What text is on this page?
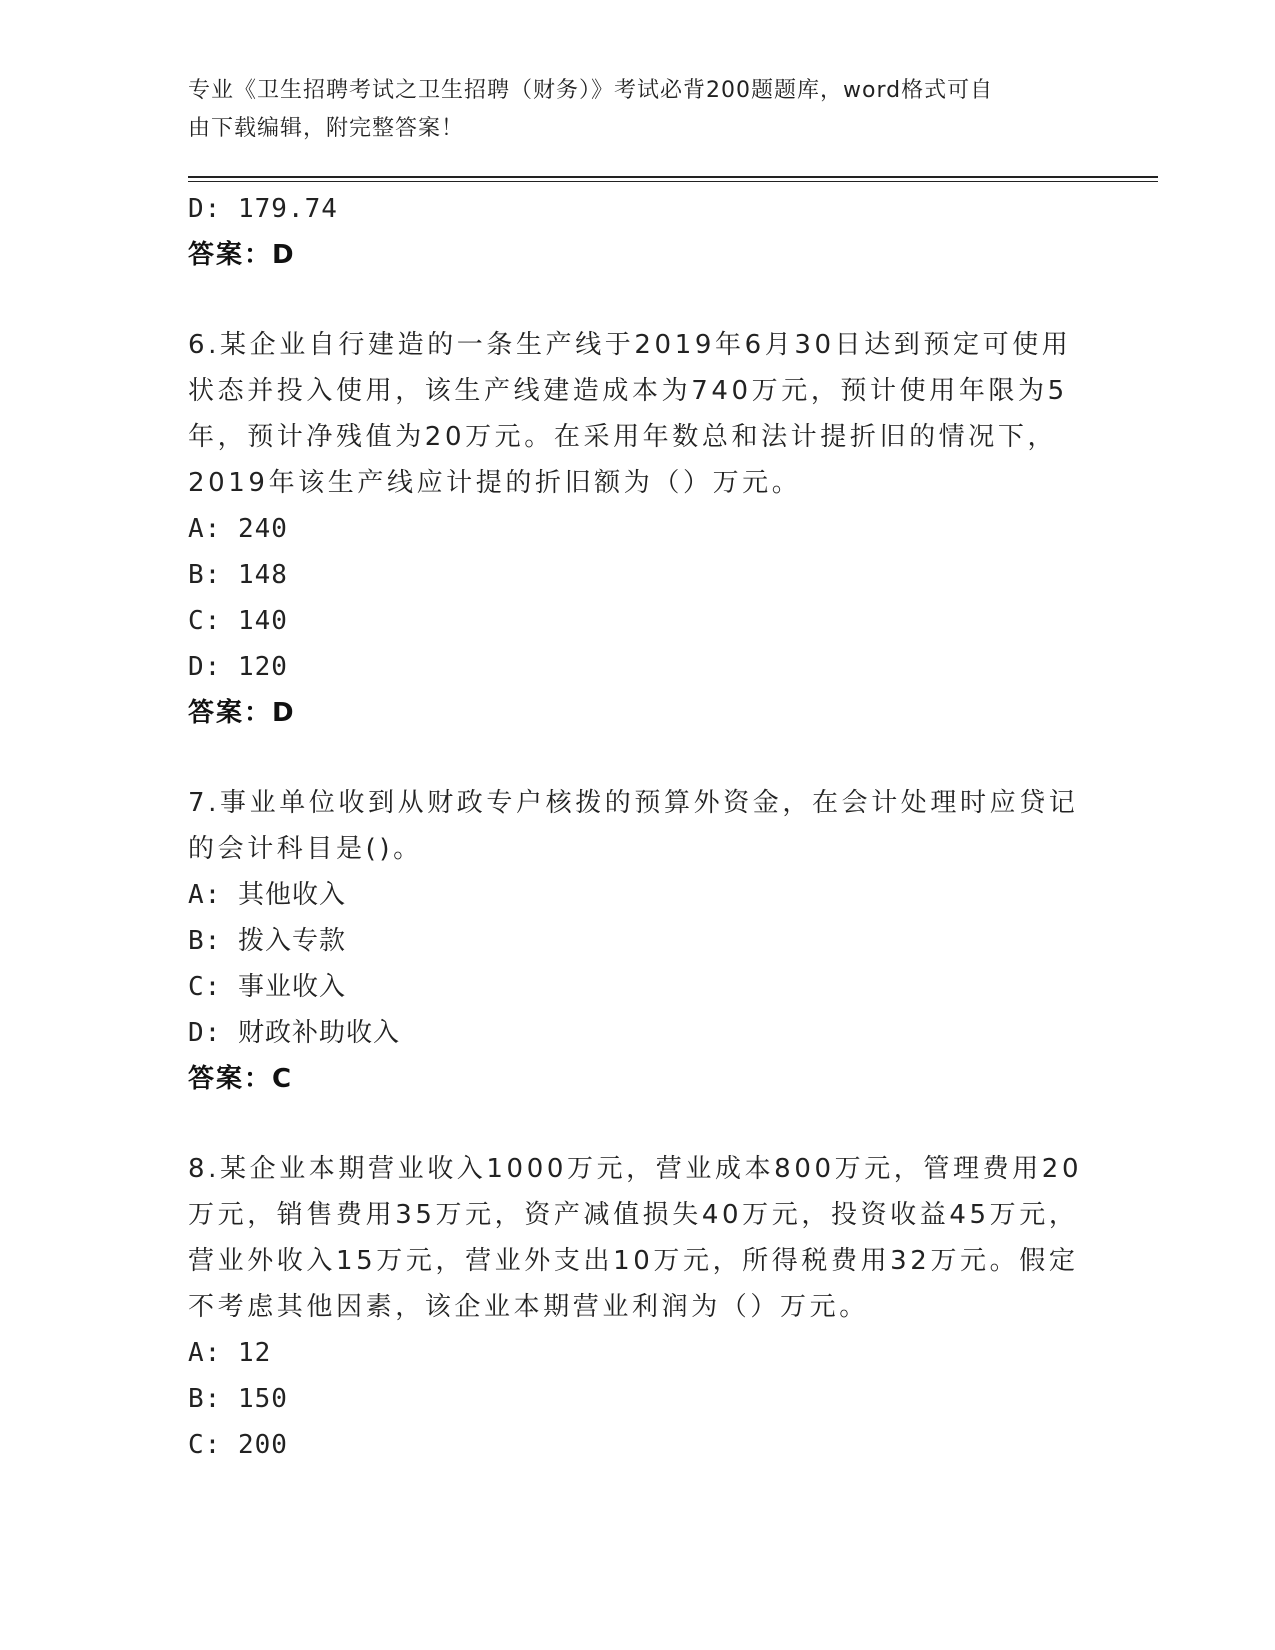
专业《卫生招聘考试之卫生招聘（财务）》考试必背200题题库，word格式可自
由下载编辑，附完整答案！
D: 179.74
答案：D
6.某企业自行建造的一条生产线于2019年6月30日达到预定可使用
状态并投入使用，该生产线建造成本为740万元，预计使用年限为5
年，预计净残值为20万元。在采用年数总和法计提折旧的情况下，
2019年该生产线应计提的折旧额为（）万元。
A: 240
B: 148
C: 140
D: 120
答案：D
7.事业单位收到从财政专户核拨的预算外资金，在会计处理时应贷记
的会计科目是()。
A: 其他收入
B: 拨入专款
C: 事业收入
D: 财政补助收入
答案：C
8.某企业本期营业收入1000万元，营业成本800万元，管理费用20
万元，销售费用35万元，资产减值损失40万元，投资收益45万元，
营业外收入15万元，营业外支出10万元，所得税费用32万元。假定
不考虑其他因素，该企业本期营业利润为（）万元。
A: 12
B: 150
C: 200
